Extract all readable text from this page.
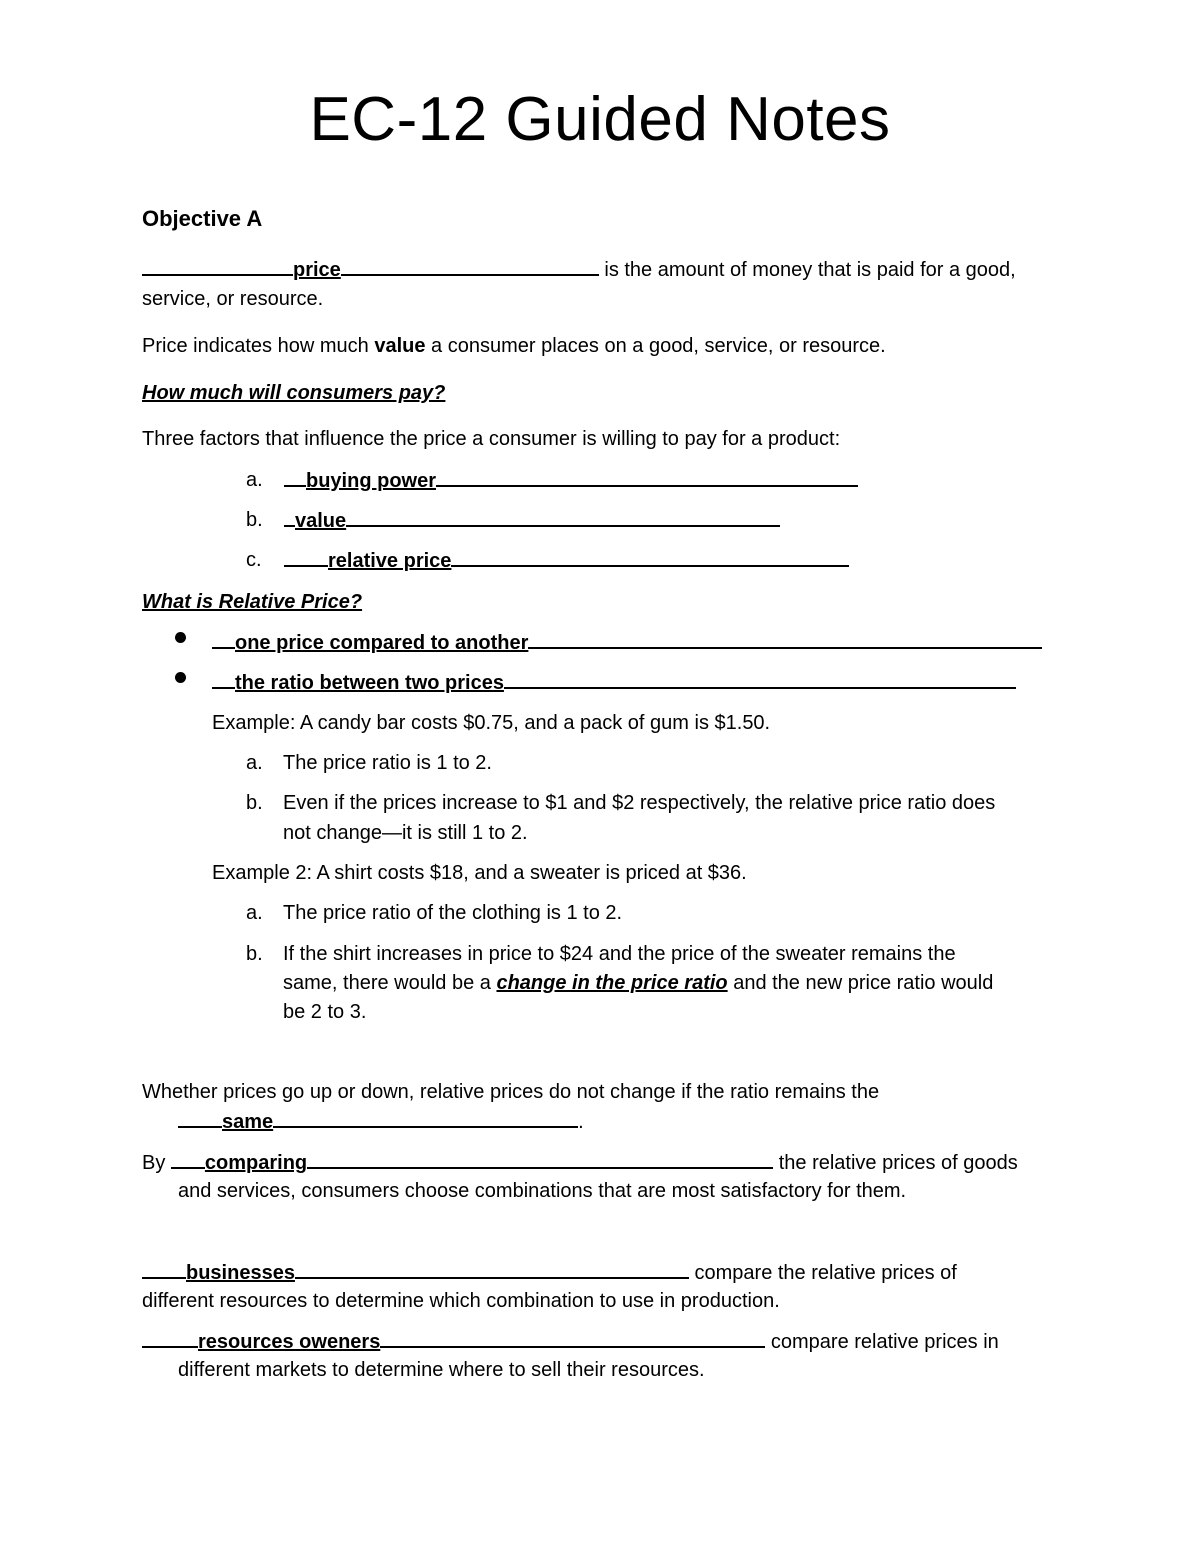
EC-12 Guided Notes
Objective A
price	is the amount of money that is paid for a good,
service, or resource.
Price indicates how much value a consumer places on a good, service, or resource.
How much will consumers pay?
Three factors that influence the price a consumer is willing to pay for a product:
a.	buying power
b.	value
c.	relative price
What is Relative Price?
one price compared to another
the ratio between two prices
Example: A candy bar costs $0.75, and a pack of gum is $1.50.
a. The price ratio is 1 to 2.
b. Even if the prices increase to $1 and $2 respectively, the relative price ratio does
not change—it is still 1 to 2.
Example 2: A shirt costs $18, and a sweater is priced at $36.
a. The price ratio of the clothing is 1 to 2.
b. If the shirt increases in price to $24 and the price of the sweater remains the
same, there would be a change in the price ratio and the new price ratio would
be 2 to 3.
Whether prices go up or down, relative prices do not change if the ratio remains the
same	.
By comparing	the relative prices of goods
and services, consumers choose combinations that are most satisfactory for them.
businesses	compare the relative prices of
different resources to determine which combination to use in production.
resources oweners	compare relative prices in
different markets to determine where to sell their resources.
